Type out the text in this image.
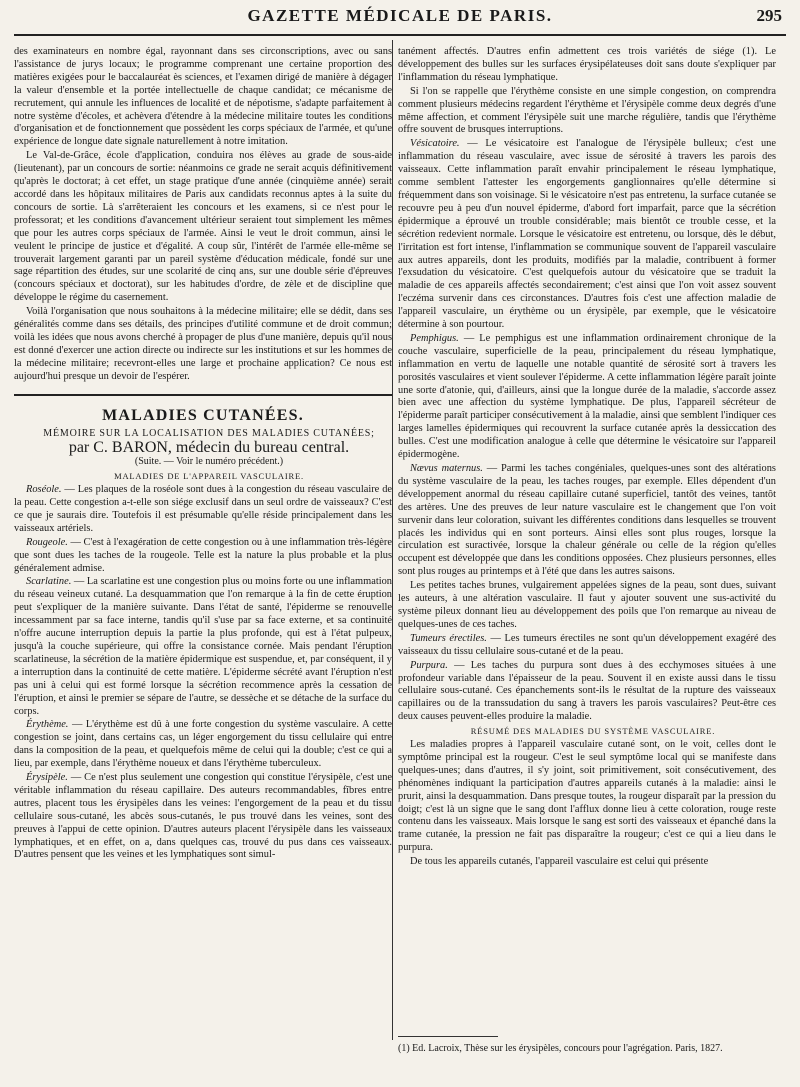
GAZETTE MÉDICALE DE PARIS.	295

des examinateurs en nombre égal, rayonnant dans ses circonscriptions, avec ou sans l'assistance de jurys locaux; le programme comprenant une certaine proportion des matières exigées pour le baccalauréat ès sciences, et l'examen dirigé de manière à dégager la valeur d'ensemble et la portée intellectuelle de chaque candidat; ce mécanisme de recrutement, qui annule les influences de localité et de népotisme, s'adapte parfaitement à notre système d'écoles, et achèvera d'étendre à la médecine militaire toutes les conditions d'organisation et de fonctionnement que possèdent les corps spéciaux de l'armée, et qu'une expérience de longue date signale naturellement à notre imitation.

Le Val-de-Grâce, école d'application, conduira nos élèves au grade de sous-aide (lieutenant), par un concours de sortie: néanmoins ce grade ne serait acquis définitivement qu'après le doctorat; à cet effet, un stage pratique d'une année (cinquième année) serait accordé dans les hôpitaux militaires de Paris aux candidats reconnus aptes à la suite du concours de sortie. Là s'arrêteraient les concours et les examens, si ce n'est pour le professorat; et les conditions d'avancement ultérieur seraient tout simplement les mêmes que pour les autres corps spéciaux de l'armée. Ainsi le veut le droit commun, ainsi le veulent le principe de justice et d'égalité. A coup sûr, l'intérêt de l'armée elle-même se trouverait largement garanti par un pareil système d'éducation médicale, fondé sur une sage répartition des études, sur une scolarité de cinq ans, sur une double série d'épreuves (concours spéciaux et doctorat), sur les habitudes d'ordre, de zèle et de discipline que développe le régime du casernement.

Voilà l'organisation que nous souhaitons à la médecine militaire; elle se dédit, dans ses généralités comme dans ses détails, des principes d'utilité commune et de droit commun; voilà les idées que nous avons cherché à propager de plus d'une manière, depuis qu'il nous est donné d'exercer une action directe ou indirecte sur les institutions et sur les hommes de la médecine militaire; recevront-elles une large et prochaine application? Ce nous est aujourd'hui presque un devoir de l'espérer.

MALADIES CUTANÉES.

MÉMOIRE SUR LA LOCALISATION DES MALADIES CUTANÉES;

par C. BARON, médecin du bureau central.

(Suite. — Voir le numéro précédent.)

MALADIES DE L'APPAREIL VASCULAIRE.

Roséole. — Les plaques de la roséole sont dues à la congestion du réseau vasculaire de la peau. Cette congestion a-t-elle son siége exclusif dans un seul ordre de vaisseaux? C'est ce que je saurais dire. Toutefois il est présumable qu'elle réside principalement dans les vaisseaux artériels.

Rougeole. — C'est à l'exagération de cette congestion ou à une inflammation très-légère que sont dues les taches de la rougeole. Telle est la nature la plus probable et la plus généralement admise.

Scarlatine. — La scarlatine est une congestion plus ou moins forte ou une inflammation du réseau veineux cutané. La desquammation que l'on remarque à la fin de cette éruption peut s'expliquer de la manière suivante. Dans l'état de santé, l'épiderme se renouvelle incessamment par sa face interne, tandis qu'il s'use par sa face externe, et sa continuité n'offre aucune interruption depuis la partie la plus profonde, qui est à l'état pulpeux, jusqu'à la couche supérieure, qui offre la consistance cornée. Mais pendant l'éruption scarlatineuse, la sécrétion de la matière épidermique est suspendue, et, par conséquent, il y a interruption dans la continuité de cette matière. L'épiderme sécrété avant l'éruption n'est pas uni à celui qui est formé lorsque la sécrétion recommence après la cessation de l'éruption, et ainsi le premier se sépare de l'autre, se dessèche et se détache de la surface du corps.

Érythème. — L'érythème est dû à une forte congestion du système vasculaire. A cette congestion se joint, dans certains cas, un léger engorgement du tissu cellulaire qui entre dans la composition de la peau, et quelquefois même de celui qui la double; c'est ce qui a lieu, par exemple, dans l'érythème noueux et dans l'érythème tuberculeux.

Érysipèle. — Ce n'est plus seulement une congestion qui constitue l'érysipèle, c'est une véritable inflammation du réseau capillaire. Des auteurs recommandables, fîbres entre autres, placent tous les érysipèles dans les veines: l'engorgement de la peau et du tissu cellulaire sous-cutané, les abcès sous-cutanés, le pus trouvé dans les veines, sont des preuves à l'appui de cette opinion. D'autres auteurs placent l'érysipèle dans les vaisseaux lymphatiques, et en effet, on a, dans quelques cas, trouvé du pus dans ces vaisseaux. D'autres pensent que les veines et les lymphatiques sont simul-

tanément affectés. D'autres enfin admettent ces trois variétés de siége (1). Le développement des bulles sur les surfaces érysipélateuses doit sans doute s'expliquer par l'inflammation du réseau lymphatique.

Si l'on se rappelle que l'érythème consiste en une simple congestion, on comprendra comment plusieurs médecins regardent l'érythème et l'érysipèle comme deux degrés d'une même affection, et comment l'érysipèle suit une marche régulière, tandis que l'érythème offre souvent de brusques interruptions.

Vésicatoire. — Le vésicatoire est l'analogue de l'érysipèle bulleux; c'est une inflammation du réseau vasculaire, avec issue de sérosité à travers les parois des vaisseaux. Cette inflammation paraît envahir principalement le réseau lymphatique, comme semblent l'attester les engorgements ganglionnaires qu'elle détermine si fréquemment dans son voisinage. Si le vésicatoire n'est pas entretenu, la surface cutanée se recouvre peu à peu d'un nouvel épiderme, d'abord fort imparfait, parce que la sécrétion épidermique a éprouvé un trouble considérable; mais bientôt ce trouble cesse, et la sécrétion redevient normale. Lorsque le vésicatoire est entretenu, ou lorsque, dès le début, l'irritation est fort intense, l'inflammation se communique souvent de l'appareil vasculaire aux autres appareils, dont les produits, modifiés par la maladie, contribuent à former l'exsudation du vésicatoire. C'est quelquefois autour du vésicatoire que se traduit la maladie de ces appareils affectés secondairement; c'est ainsi que l'on voit assez souvent l'eczéma survenir dans ces circonstances. D'autres fois c'est une affection maladie de l'appareil vasculaire, un érythème ou un érysipèle, par exemple, que le vésicatoire détermine à son pourtour.

Pemphigus. — Le pemphigus est une inflammation ordinairement chronique de la couche vasculaire, superficielle de la peau, principalement du réseau lymphatique, inflammation en vertu de laquelle une notable quantité de sérosité sort à travers les porosités vasculaires et vient soulever l'épiderme. A cette inflammation légère paraît jointe une sorte d'atonie, qui, d'ailleurs, ainsi que la longue durée de la maladie, s'accorde assez bien avec une affection du système lymphatique. De plus, l'appareil sécréteur de l'épiderme paraît participer consécutivement à la maladie, ainsi que semblent l'indiquer ces larges lamelles épidermiques qui recouvrent la surface cutanée après la dessiccation des bulles. C'est une modification analogue à celle que détermine le vésicatoire sur l'appareil épidermogène.

Nævus maternus. — Parmi les taches congéniales, quelques-unes sont des altérations du système vasculaire de la peau, les taches rouges, par exemple. Elles dépendent d'un développement anormal du réseau capillaire cutané superficiel, tantôt des veines, tantôt des artères. Une des preuves de leur nature vasculaire est le changement que l'on voit survenir dans leur coloration, suivant les différentes conditions dans lesquelles se trouvent placés les individus qui en sont porteurs. Ainsi elles sont plus rouges, lorsque la circulation est suractivée, lorsque la chaleur générale ou celle de la région qu'elles occupent est développée que dans les conditions opposées. Chez plusieurs personnes, elles sont plus rouges au printemps et à l'été que dans les autres saisons.

Les petites taches brunes, vulgairement appelées signes de la peau, sont dues, suivant les auteurs, à une altération vasculaire. Il faut y ajouter souvent une sus-activité du système pileux donnant lieu au développement des poils que l'on remarque au niveau de quelques-unes de ces taches.

Tumeurs érectiles. — Les tumeurs érectiles ne sont qu'un développement exagéré des vaisseaux du tissu cellulaire sous-cutané et de la peau.

Purpura. — Les taches du purpura sont dues à des ecchymoses situées à une profondeur variable dans l'épaisseur de la peau. Souvent il en existe aussi dans le tissu cellulaire sous-cutané. Ces épanchements sont-ils le résultat de la rupture des vaisseaux capillaires ou de la transsudation du sang à travers les parois vasculaires? Peut-être ces deux causes peuvent-elles produire la maladie.

RÉSUMÉ DES MALADIES DU SYSTÈME VASCULAIRE.

Les maladies propres à l'appareil vasculaire cutané sont, on le voit, celles dont le symptôme principal est la rougeur. C'est le seul symptôme local qui se manifeste dans quelques-unes; dans d'autres, il s'y joint, soit primitivement, soit consécutivement, des phénomènes indiquant la participation d'autres appareils cutanés à la maladie: ainsi le prurit, ainsi la desquammation. Dans presque toutes, la rougeur disparaît par la pression du doigt; c'est là un signe que le sang dont l'afflux donne lieu à cette coloration, rouge reste contenu dans les vaisseaux. Mais lorsque le sang est sorti des vaisseaux et épanché dans la trame cutanée, la pression ne fait pas disparaître la rougeur; c'est ce qui a lieu dans le purpura.

De tous les appareils cutanés, l'appareil vasculaire est celui qui présente

(1) Ed. Lacroix, Thèse sur les érysipèles, concours pour l'agrégation. Paris, 1827.
